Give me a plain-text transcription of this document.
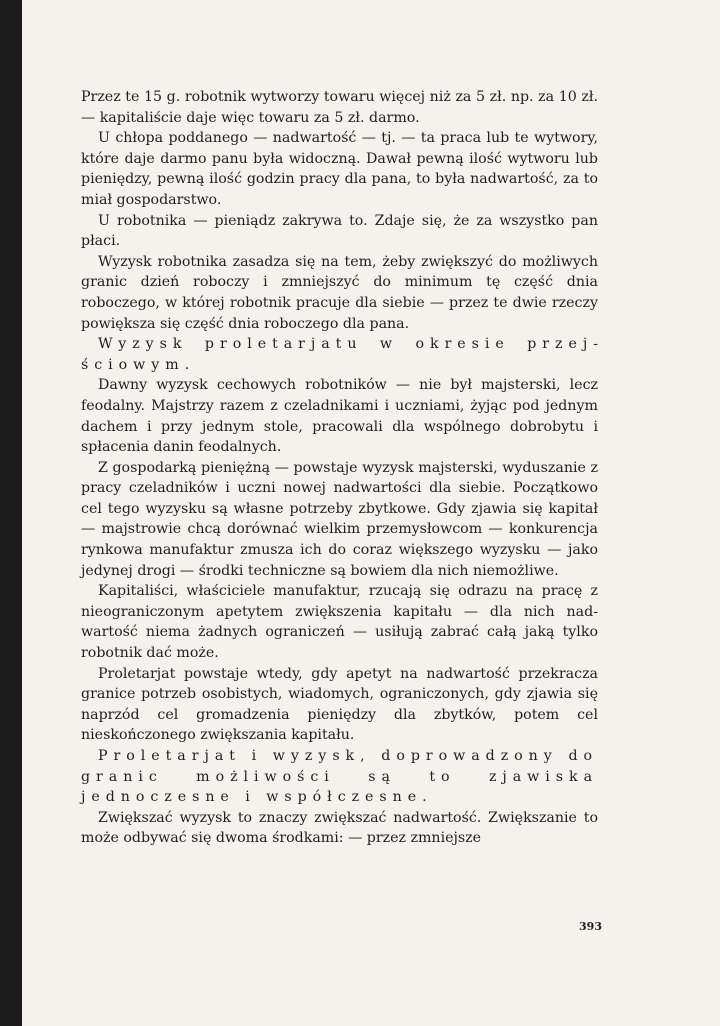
Przez te 15 g. robotnik wytworzy towaru więcej niż za 5 zł. np. za 10 zł. — kapitaliście daje więc towaru za 5 zł. darmo.

U chłopa poddanego — nadwartość — tj. — ta praca lub te wytwory, które daje darmo panu była widoczną. Dawał pewną ilość wytworu lub pieniędzy, pewną ilość godzin pracy dla pana, to była nadwartość, za to miał gospodarstwo.

U robotnika — pieniądz zakrywa to. Zdaje się, że za wszystko pan płaci.

Wyzysk robotnika zasadza się na tem, żeby zwiększyć do możliwych granic dzień roboczy i zmniejszyć do minimum tę część dnia roboczego, w której robotnik pracuje dla siebie — przez te dwie rzeczy powiększa się część dnia roboczego dla pana.

Wyzysk proletarjatu w okresie przejściowym.

Dawny wyzysk cechowych robotników — nie był majsterski, lecz feodalny. Majstrzy razem z czeladnikami i uczniami, żyjąc pod jednym dachem i przy jednym stole, pracowali dla wspólnego dobrobytu i spłacenia danin feodalnych.

Z gospodarką pieniężną — powstaje wyzysk majsterski, wyduszanie z pracy czeladników i uczni nowej nadwartości dla siebie. Początkowo cel tego wyzysku są własne potrzeby zbytkowe. Gdy zjawia się kapitał — majstrowie chcą dorównać wielkim przemysłowcom — konkurencja rynkowa manufaktur zmusza ich do coraz większego wyzysku — jako jedynej drogi — środki techniczne są bowiem dla nich niemożliwe.

Kapitaliści, właściciele manufaktur, rzucają się odrazu na pracę z nieograniczonym apetytem zwiększenia kapitału — dla nich nadwartość niema żadnych ograniczeń — usiłują zabrać całą jaką tylko robotnik dać może.

Proletarjat powstaje wtedy, gdy apetyt na nadwartość przekracza granice potrzeb osobistych, wiadomych, ograniczonych, gdy zjawia się naprzód cel gromadzenia pieniędzy dla zbytków, potem cel nieskończonego zwiększania kapitału.

Proletarjat i wyzysk, doprowadzony do granic możliwości są to zjawiska jednoczesne i współczesne.

Zwiększać wyzysk to znaczy zwiększać nadwartość. Zwiększanie to może odbywać się dwoma środkami: — przez zmniejsze

393
